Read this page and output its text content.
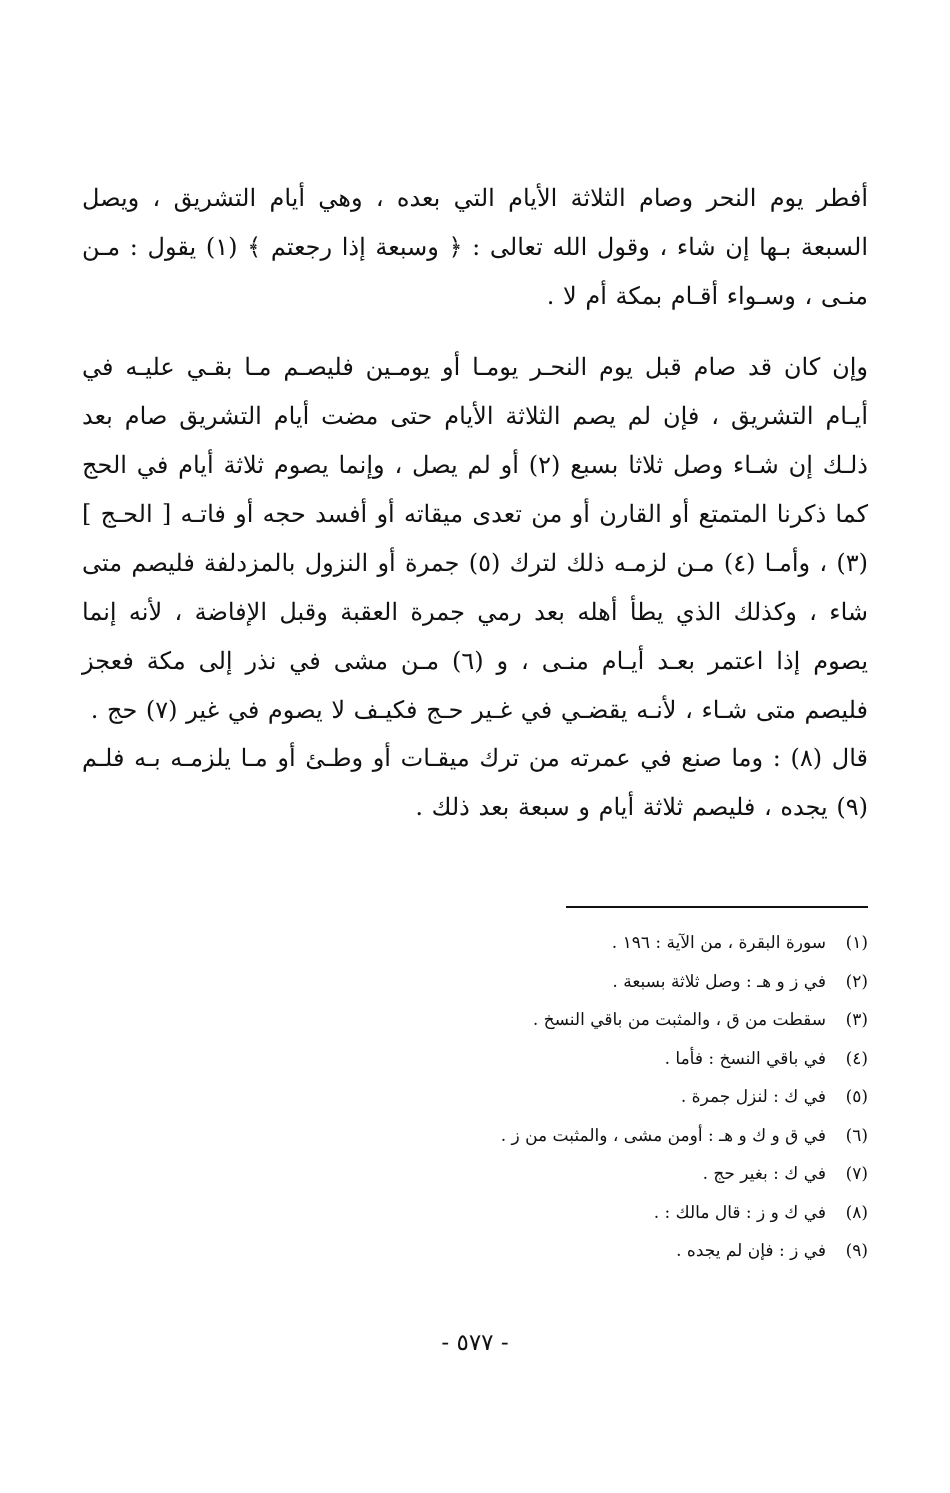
أفطر يوم النحر وصام الثلاثة الأيام التي بعده ، وهي أيام التشريق ، ويصل السبعة بـها إن شاء ، وقول الله تعالى : ﴿ وسبعة إذا رجعتم ﴾ (١) يقول : مـن منـى ، وسـواء أقـام بمكة أم لا .

وإن كان قد صام قبل يوم النحـر يومـا أو يومـين فليصـم مـا بقـي عليـه في أيـام التشريق ، فإن لم يصم الثلاثة الأيام حتى مضت أيام التشريق صام بعد ذلـك إن شـاء وصل ثلاثا بسبع (٢) أو لم يصل ، وإنما يصوم ثلاثة أيام في الحج كما ذكرنا المتمتع أو القارن أو من تعدى ميقاته أو أفسد حجه أو فاتـه [ الحـج ] (٣) ، وأمـا (٤) مـن لزمـه ذلك لترك (٥) جمرة أو النزول بالمزدلفة فليصم متى شاء ، وكذلك الذي يطأ أهله بعد رمي جمرة العقبة وقبل الإفاضة ، لأنه إنما يصوم إذا اعتمر بعـد أيـام منـى ، و (٦) مـن مشى في نذر إلى مكة فعجز فليصم متى شـاء ، لأنـه يقضـي في غـير حـج فكيـف لا يصوم في غير (٧) حج .

قال (٨) : وما صنع في عمرته من ترك ميقـات أو وطـئ أو مـا يلزمـه بـه فلـم (٩) يجده ، فليصم ثلاثة أيام و سبعة بعد ذلك .

(١)
سورة البقرة ، من الآية : ١٩٦ .
(٢)
في ز و هـ : وصل ثلاثة بسبعة .
(٣)
سقطت من ق ، والمثبت من باقي النسخ .
(٤)
في باقي النسخ : فأما .
(٥)
في ك : لنزل جمرة .
(٦)
في ق و ك و هـ : أومن مشى ، والمثبت من ز .
(٧)
في ك : بغير حج .
(٨)
في ك و ز : قال مالك : .
(٩)
في ز : فإن لم يجده .
- ٥٧٧ -
